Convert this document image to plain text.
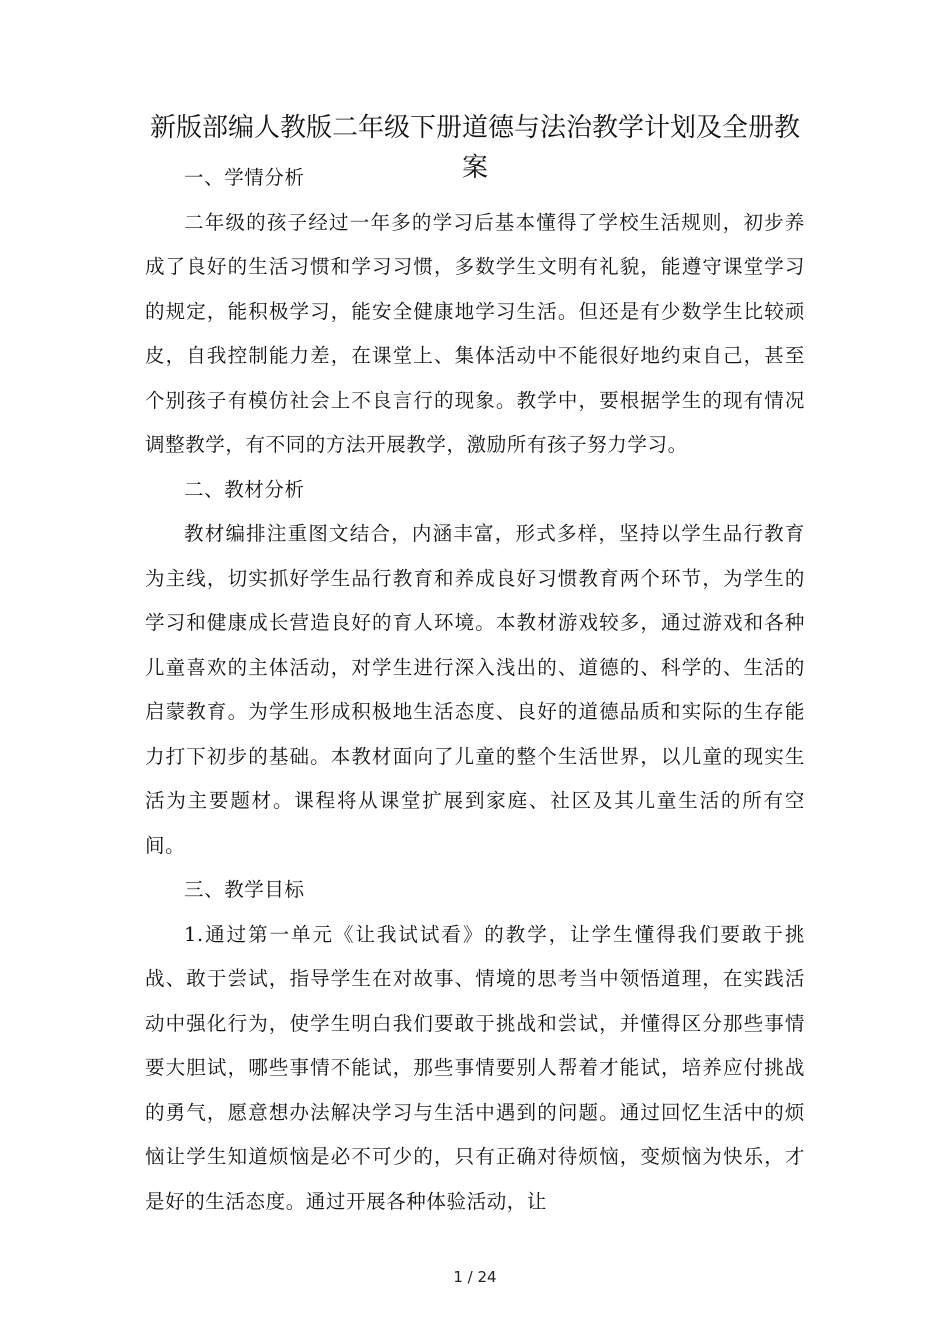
新版部编人教版二年级下册道德与法治教学计划及全册教案

一、学情分析

二年级的孩子经过一年多的学习后基本懂得了学校生活规则，初步养成了良好的生活习惯和学习习惯，多数学生文明有礼貌，能遵守课堂学习的规定，能积极学习，能安全健康地学习生活。但还是有少数学生比较顽皮，自我控制能力差，在课堂上、集体活动中不能很好地约束自己，甚至个别孩子有模仿社会上不良言行的现象。教学中，要根据学生的现有情况调整教学，有不同的方法开展教学，激励所有孩子努力学习。

二、教材分析

教材编排注重图文结合，内涵丰富，形式多样，坚持以学生品行教育为主线，切实抓好学生品行教育和养成良好习惯教育两个环节，为学生的学习和健康成长营造良好的育人环境。本教材游戏较多，通过游戏和各种儿童喜欢的主体活动，对学生进行深入浅出的、道德的、科学的、生活的启蒙教育。为学生形成积极地生活态度、良好的道德品质和实际的生存能力打下初步的基础。本教材面向了儿童的整个生活世界，以儿童的现实生活为主要题材。课程将从课堂扩展到家庭、社区及其儿童生活的所有空间。

三、教学目标

1.通过第一单元《让我试试看》的教学，让学生懂得我们要敢于挑战、敢于尝试，指导学生在对故事、情境的思考当中领悟道理，在实践活动中强化行为，使学生明白我们要敢于挑战和尝试，并懂得区分那些事情要大胆试，哪些事情不能试，那些事情要别人帮着才能试，培养应付挑战的勇气，愿意想办法解决学习与生活中遇到的问题。通过回忆生活中的烦恼让学生知道烦恼是必不可少的，只有正确对待烦恼，变烦恼为快乐，才是好的生活态度。通过开展各种体验活动，让

1 / 24
